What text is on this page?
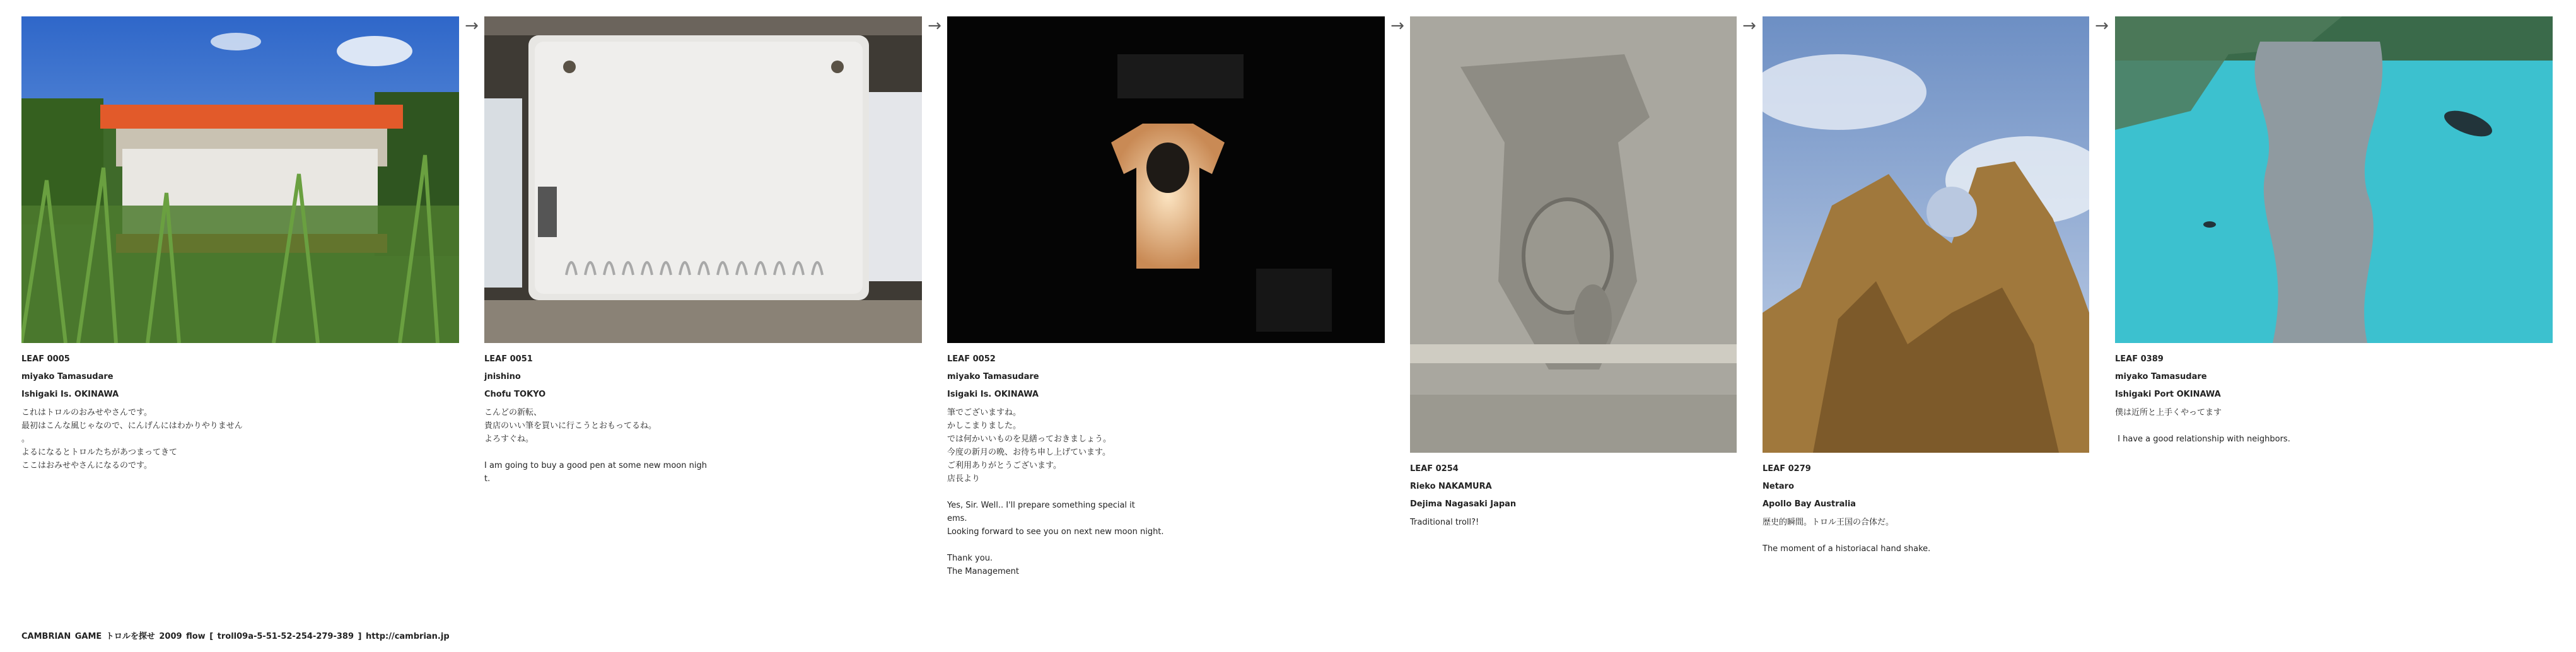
LEAF 0005
miyako Tamasudare
Ishigaki Is. OKINAWA

これはトロルのおみせやさんです。
最初はこんな風じゃなので、にんげんにはわかりやりません
。
よるになるとトロルたちがあつまってきて
ここはおみせやさんになるのです。

→
LEAF 0051
jnishino
Chofu TOKYO

こんどの新転、
貴店のいい筆を買いに行こうとおもってるね。
よろすぐね。

I am going to buy a good pen at some new moon nigh
t.

→
LEAF 0052
miyako Tamasudare
Isigaki Is. OKINAWA

筆でございますね。
かしこまりました。
では何かいいものを見繕っておきましょう。
今度の新月の晩、お待ち申し上げています。
ご利用ありがとうございます。
店長より

Yes, Sir. Well.. I'll prepare something special it
ems.
Looking forward to see you on next new moon night.

Thank you.
The Management

→
LEAF 0254
Rieko NAKAMURA
Dejima Nagasaki Japan

Traditional troll?!

→
LEAF 0279
Netaro
Apollo Bay Australia

歴史的瞬間。トロル王国の合体だ。

The moment of a historiacal hand shake.

→
LEAF 0389
miyako Tamasudare
Ishigaki Port OKINAWA

僕は近所と上手くやってます

I have a good relationship with neighbors.

CAMBRIAN GAME トロルを探せ 2009 flow [ troll09a-5-51-52-254-279-389 ] http://cambrian.jp
